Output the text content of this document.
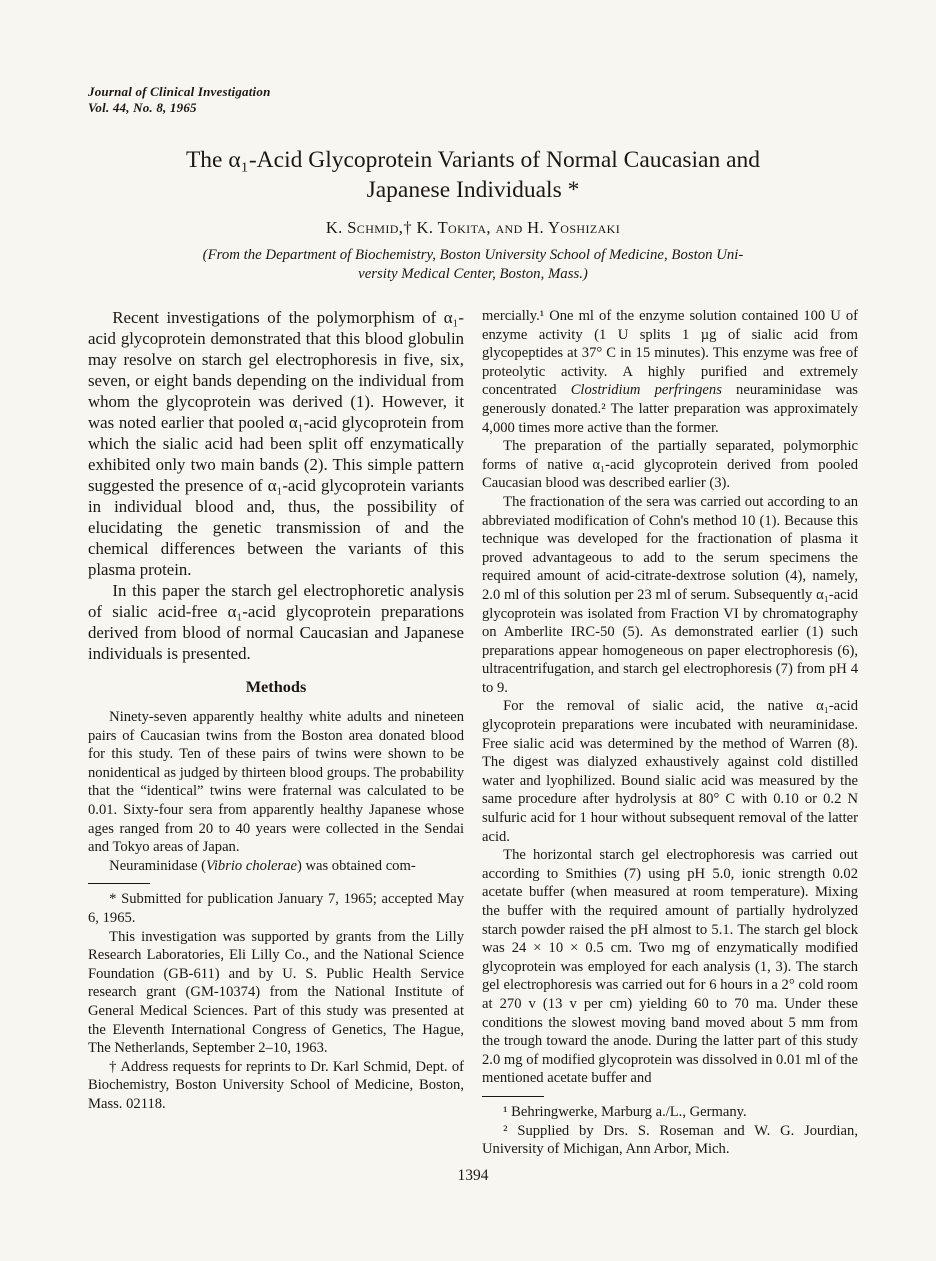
Journal of Clinical Investigation
Vol. 44, No. 8, 1965
The α₁-Acid Glycoprotein Variants of Normal Caucasian and
Japanese Individuals *
K. Schmid,† K. Tokita, and H. Yoshizaki
(From the Department of Biochemistry, Boston University School of Medicine, Boston Uni-
versity Medical Center, Boston, Mass.)

Recent investigations of the polymorphism of α₁-acid glycoprotein demonstrated that this blood globulin may resolve on starch gel electrophoresis in five, six, seven, or eight bands depending on the individual from whom the glycoprotein was derived (1). However, it was noted earlier that pooled α₁-acid glycoprotein from which the sialic acid had been split off enzymatically exhibited only two main bands (2). This simple pattern suggested the presence of α₁-acid glycoprotein variants in individual blood and, thus, the possibility of elucidating the genetic transmission of and the chemical differences between the variants of this plasma protein.

In this paper the starch gel electrophoretic analysis of sialic acid-free α₁-acid glycoprotein preparations derived from blood of normal Caucasian and Japanese individuals is presented.

Methods

Ninety-seven apparently healthy white adults and nineteen pairs of Caucasian twins from the Boston area donated blood for this study. Ten of these pairs of twins were shown to be nonidentical as judged by thirteen blood groups. The probability that the “identical” twins were fraternal was calculated to be 0.01. Sixty-four sera from apparently healthy Japanese whose ages ranged from 20 to 40 years were collected in the Sendai and Tokyo areas of Japan.

Neuraminidase (Vibrio cholerae) was obtained com-

* Submitted for publication January 7, 1965; accepted May 6, 1965.

This investigation was supported by grants from the Lilly Research Laboratories, Eli Lilly Co., and the National Science Foundation (GB-611) and by U. S. Public Health Service research grant (GM-10374) from the National Institute of General Medical Sciences. Part of this study was presented at the Eleventh International Congress of Genetics, The Hague, The Netherlands, September 2–10, 1963.

† Address requests for reprints to Dr. Karl Schmid, Dept. of Biochemistry, Boston University School of Medicine, Boston, Mass. 02118.

mercially.¹ One ml of the enzyme solution contained 100 U of enzyme activity (1 U splits 1 µg of sialic acid from glycopeptides at 37° C in 15 minutes). This enzyme was free of proteolytic activity. A highly purified and extremely concentrated Clostridium perfringens neuraminidase was generously donated.² The latter preparation was approximately 4,000 times more active than the former.

The preparation of the partially separated, polymorphic forms of native α₁-acid glycoprotein derived from pooled Caucasian blood was described earlier (3).

The fractionation of the sera was carried out according to an abbreviated modification of Cohn's method 10 (1). Because this technique was developed for the fractionation of plasma it proved advantageous to add to the serum specimens the required amount of acid-citrate-dextrose solution (4), namely, 2.0 ml of this solution per 23 ml of serum. Subsequently α₁-acid glycoprotein was isolated from Fraction VI by chromatography on Amberlite IRC-50 (5). As demonstrated earlier (1) such preparations appear homogeneous on paper electrophoresis (6), ultracentrifugation, and starch gel electrophoresis (7) from pH 4 to 9.

For the removal of sialic acid, the native α₁-acid glycoprotein preparations were incubated with neuraminidase. Free sialic acid was determined by the method of Warren (8). The digest was dialyzed exhaustively against cold distilled water and lyophilized. Bound sialic acid was measured by the same procedure after hydrolysis at 80° C with 0.10 or 0.2 N sulfuric acid for 1 hour without subsequent removal of the latter acid.

The horizontal starch gel electrophoresis was carried out according to Smithies (7) using pH 5.0, ionic strength 0.02 acetate buffer (when measured at room temperature). Mixing the buffer with the required amount of partially hydrolyzed starch powder raised the pH almost to 5.1. The starch gel block was 24 × 10 × 0.5 cm. Two mg of enzymatically modified glycoprotein was employed for each analysis (1, 3). The starch gel electrophoresis was carried out for 6 hours in a 2° cold room at 270 v (13 v per cm) yielding 60 to 70 ma. Under these conditions the slowest moving band moved about 5 mm from the trough toward the anode. During the latter part of this study 2.0 mg of modified glycoprotein was dissolved in 0.01 ml of the mentioned acetate buffer and

¹ Behringwerke, Marburg a./L., Germany.

² Supplied by Drs. S. Roseman and W. G. Jourdian, University of Michigan, Ann Arbor, Mich.

1394
